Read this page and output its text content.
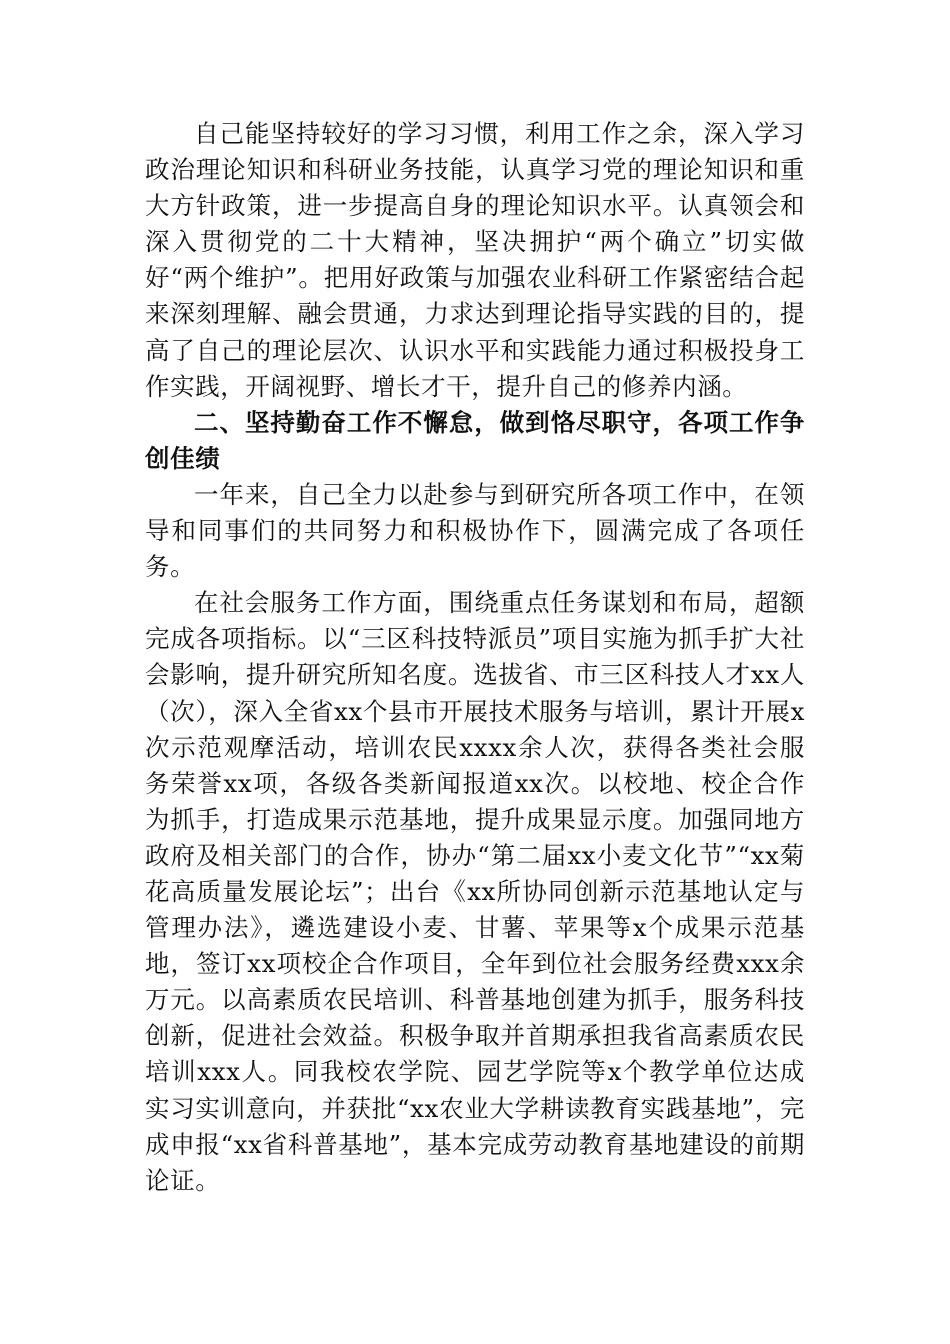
自己能坚持较好的学习习惯，利用工作之余，深入学习政治理论知识和科研业务技能，认真学习党的理论知识和重大方针政策，进一步提高自身的理论知识水平。认真领会和深入贯彻党的二十大精神，坚决拥护“两个确立”切实做好“两个维护”。把用好政策与加强农业科研工作紧密结合起来深刻理解、融会贯通，力求达到理论指导实践的目的，提高了自己的理论层次、认识水平和实践能力通过积极投身工作实践，开阔视野、增长才干，提升自己的修养内涵。

二、坚持勤奋工作不懈怠，做到恪尽职守，各项工作争创佳绩

一年来，自己全力以赴参与到研究所各项工作中，在领导和同事们的共同努力和积极协作下，圆满完成了各项任务。

在社会服务工作方面，围绕重点任务谋划和布局，超额完成各项指标。以“三区科技特派员”项目实施为抓手扩大社会影响，提升研究所知名度。选拔省、市三区科技人才xx人（次），深入全省xx个县市开展技术服务与培训，累计开展x次示范观摩活动，培训农民xxxx余人次，获得各类社会服务荣誉xx项，各级各类新闻报道xx次。以校地、校企合作为抓手，打造成果示范基地，提升成果显示度。加强同地方政府及相关部门的合作，协办“第二届xx小麦文化节”“xx菊花高质量发展论坛”；出台《xx所协同创新示范基地认定与管理办法》，遴选建设小麦、甘薯、苹果等x个成果示范基地，签订xx项校企合作项目，全年到位社会服务经费xxx余万元。以高素质农民培训、科普基地创建为抓手，服务科技创新，促进社会效益。积极争取并首期承担我省高素质农民培训xxx人。同我校农学院、园艺学院等x个教学单位达成实习实训意向，并获批“xx农业大学耕读教育实践基地”，完成申报“xx省科普基地”，基本完成劳动教育基地建设的前期论证。
